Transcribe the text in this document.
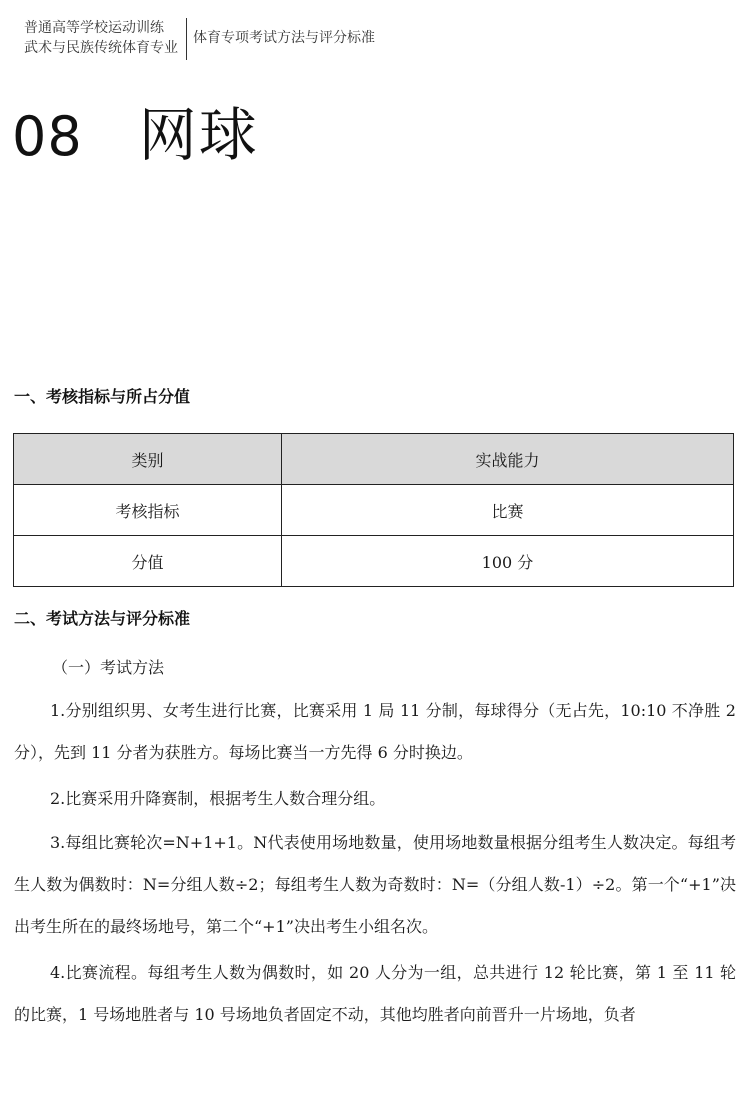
普通高等学校运动训练
武术与民族传统体育专业
体育专项考试方法与评分标准
08 网球
一、考核指标与所占分值
类别	实战能力
考核指标	比赛
分值	100 分
二、考试方法与评分标准
（一）考试方法

1.分别组织男、女考生进行比赛，比赛采用 1 局 11 分制，每球得分（无占先，10:10 不净胜 2 分），先到 11 分者为获胜方。每场比赛当一方先得 6 分时换边。

2.比赛采用升降赛制，根据考生人数合理分组。

3.每组比赛轮次=N+1+1。N代表使用场地数量，使用场地数量根据分组考生人数决定。每组考生人数为偶数时：N=分组人数÷2；每组考生人数为奇数时：N=（分组人数-1）÷2。第一个“+1”决出考生所在的最终场地号，第二个“+1”决出考生小组名次。

4.比赛流程。每组考生人数为偶数时，如 20 人分为一组，总共进行 12 轮比赛，第 1 至 11 轮的比赛，1 号场地胜者与 10 号场地负者固定不动，其他均胜者向前晋升一片场地，负者
